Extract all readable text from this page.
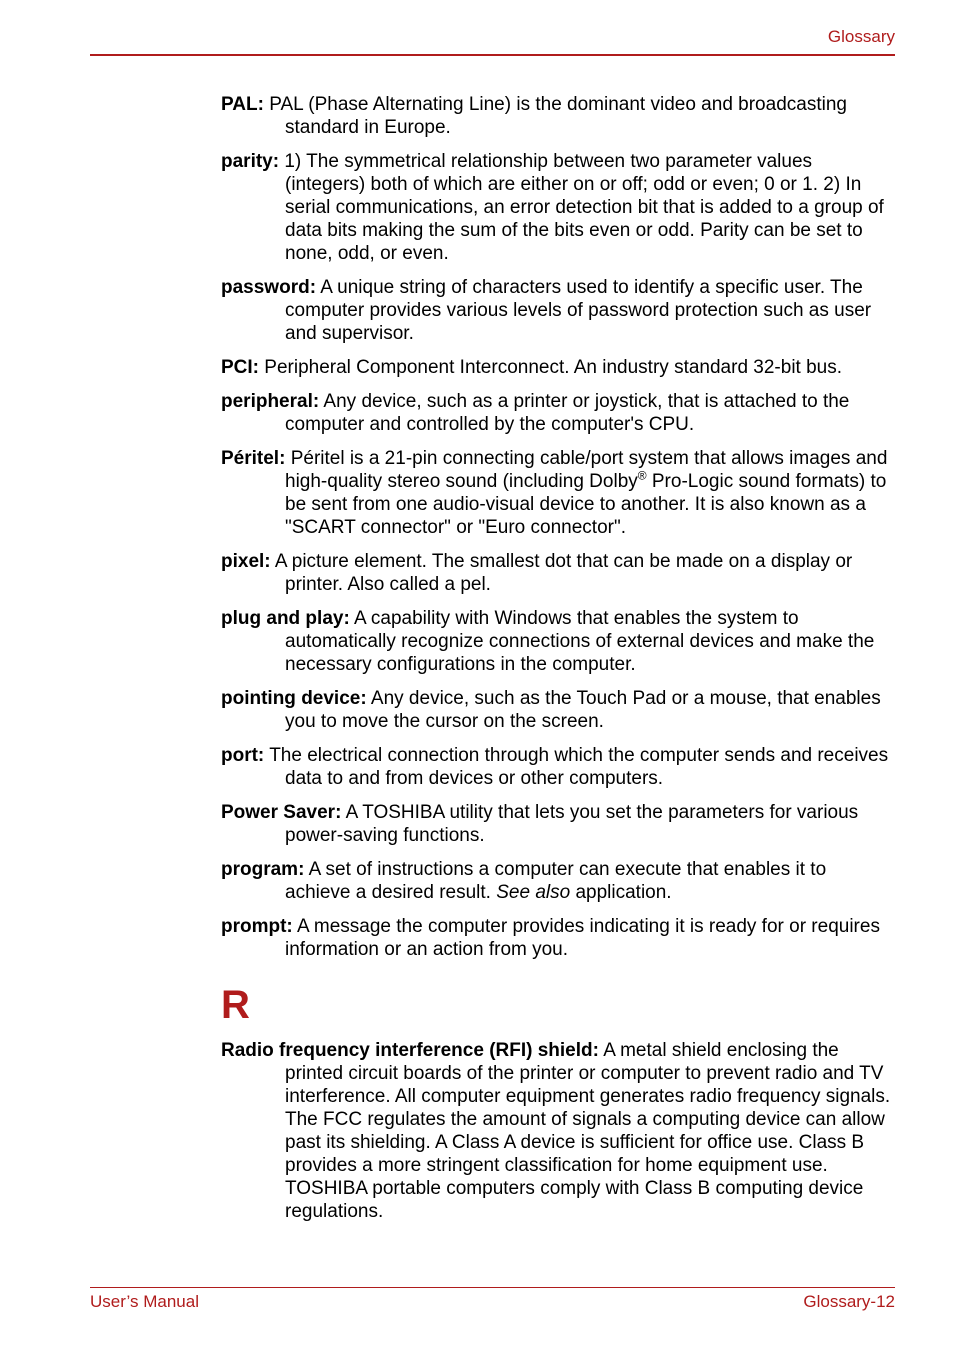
Glossary

PAL: PAL (Phase Alternating Line) is the dominant video and broadcasting standard in Europe.

parity: 1) The symmetrical relationship between two parameter values (integers) both of which are either on or off; odd or even; 0 or 1. 2) In serial communications, an error detection bit that is added to a group of data bits making the sum of the bits even or odd. Parity can be set to none, odd, or even.

password: A unique string of characters used to identify a specific user. The computer provides various levels of password protection such as user and supervisor.

PCI: Peripheral Component Interconnect. An industry standard 32-bit bus.

peripheral: Any device, such as a printer or joystick, that is attached to the computer and controlled by the computer's CPU.

Péritel: Péritel is a 21-pin connecting cable/port system that allows images and high-quality stereo sound (including Dolby® Pro-Logic sound formats) to be sent from one audio-visual device to another. It is also known as a "SCART connector" or "Euro connector".

pixel: A picture element. The smallest dot that can be made on a display or printer. Also called a pel.

plug and play: A capability with Windows that enables the system to automatically recognize connections of external devices and make the necessary configurations in the computer.

pointing device: Any device, such as the Touch Pad or a mouse, that enables you to move the cursor on the screen.

port: The electrical connection through which the computer sends and receives data to and from devices or other computers.

Power Saver: A TOSHIBA utility that lets you set the parameters for various power-saving functions.

program: A set of instructions a computer can execute that enables it to achieve a desired result. See also application.

prompt: A message the computer provides indicating it is ready for or requires information or an action from you.

R

Radio frequency interference (RFI) shield: A metal shield enclosing the printed circuit boards of the printer or computer to prevent radio and TV interference. All computer equipment generates radio frequency signals. The FCC regulates the amount of signals a computing device can allow past its shielding. A Class A device is sufficient for office use. Class B provides a more stringent classification for home equipment use. TOSHIBA portable computers comply with Class B computing device regulations.

User’s Manual	Glossary-12
